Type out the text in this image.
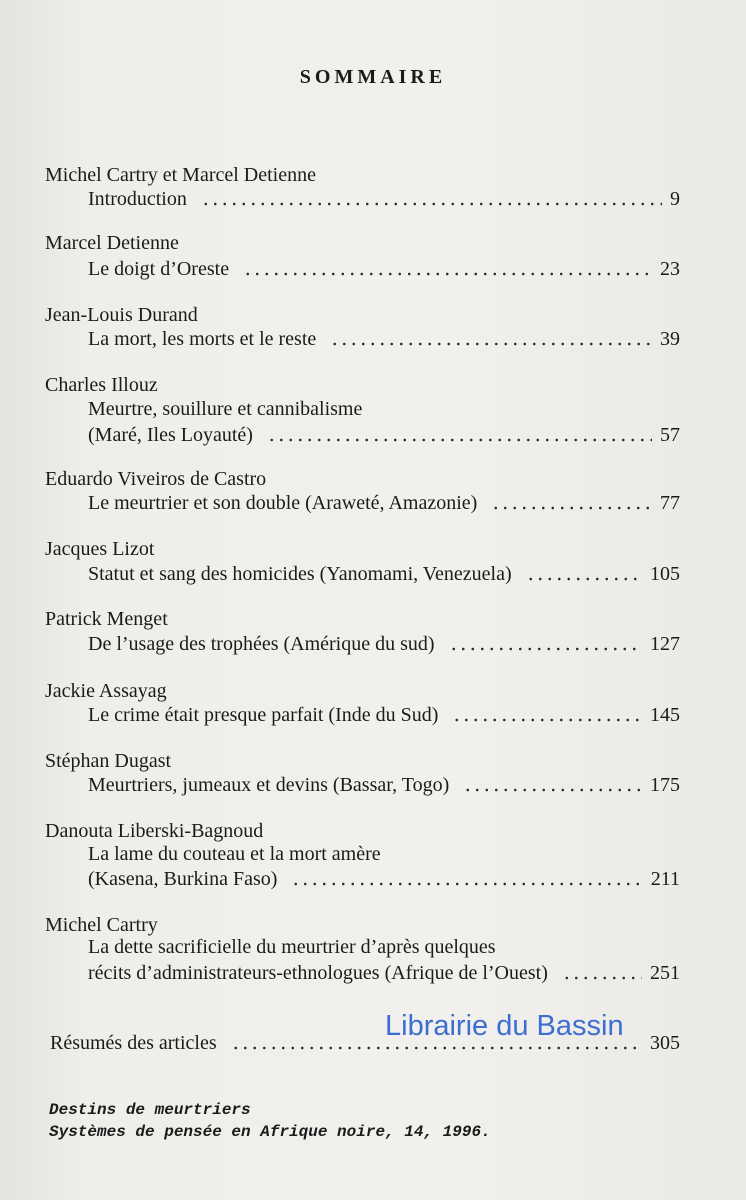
SOMMAIRE
Michel Cartry et Marcel Detienne
Introduction	9
Marcel Detienne
Le doigt d’Oreste	23
Jean-Louis Durand
La mort, les morts et le reste	39
Charles Illouz
Meurtre, souillure et cannibalisme
(Maré, Iles Loyauté)	57
Eduardo Viveiros de Castro
Le meurtrier et son double (Araweté, Amazonie)	77
Jacques Lizot
Statut et sang des homicides (Yanomami, Venezuela)	105
Patrick Menget
De l’usage des trophées (Amérique du sud)	127
Jackie Assayag
Le crime était presque parfait (Inde du Sud)	145
Stéphan Dugast
Meurtriers, jumeaux et devins (Bassar, Togo)	175
Danouta Liberski-Bagnoud
La lame du couteau et la mort amère
(Kasena, Burkina Faso)	211
Michel Cartry
La dette sacrificielle du meurtrier d’après quelques
récits d’administrateurs-ethnologues (Afrique de l’Ouest)	251
Résumés des articles	305
Librairie du Bassin
Destins de meurtriers
Systèmes de pensée en Afrique noire, 14, 1996.
